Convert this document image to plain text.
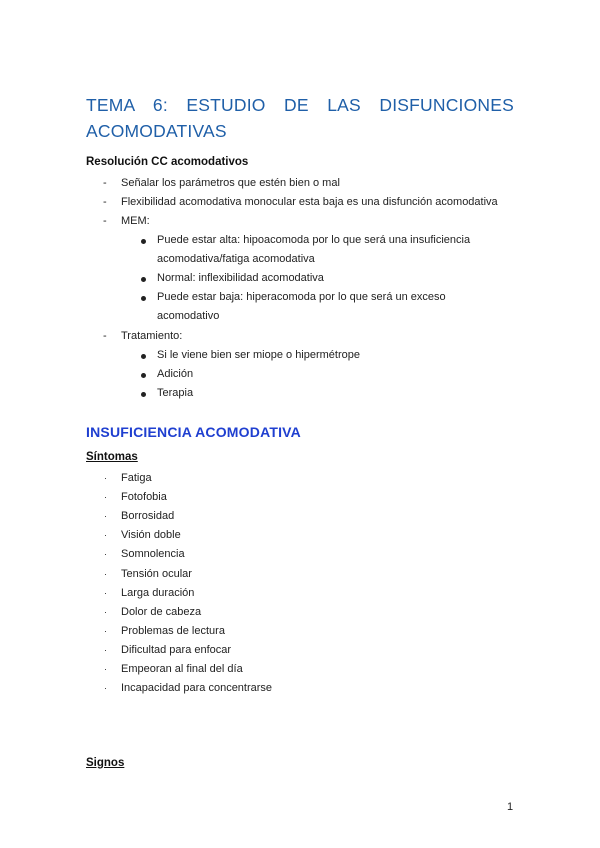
TEMA 6: ESTUDIO DE LAS DISFUNCIONES
ACOMODATIVAS
Resolución CC acomodativos
-	Señalar los parámetros que estén bien o mal
-	Flexibilidad acomodativa monocular esta baja es una disfunción acomodativa
-	MEM:
Puede estar alta: hipoacomoda por lo que será una insuficiencia
acomodativa/fatiga acomodativa
Normal: inflexibilidad acomodativa
Puede estar baja: hiperacomoda por lo que será un exceso
acomodativo
-	Tratamiento:
Si le viene bien ser miope o hipermétrope
Adición
Terapia
INSUFICIENCIA ACOMODATIVA
Síntomas
· Fatiga
· Fotofobia
· Borrosidad
· Visión doble
· Somnolencia
· Tensión ocular
· Larga duración
· Dolor de cabeza
· Problemas de lectura
· Dificultad para enfocar
· Empeoran al final del día
· Incapacidad para concentrarse
Signos
1
